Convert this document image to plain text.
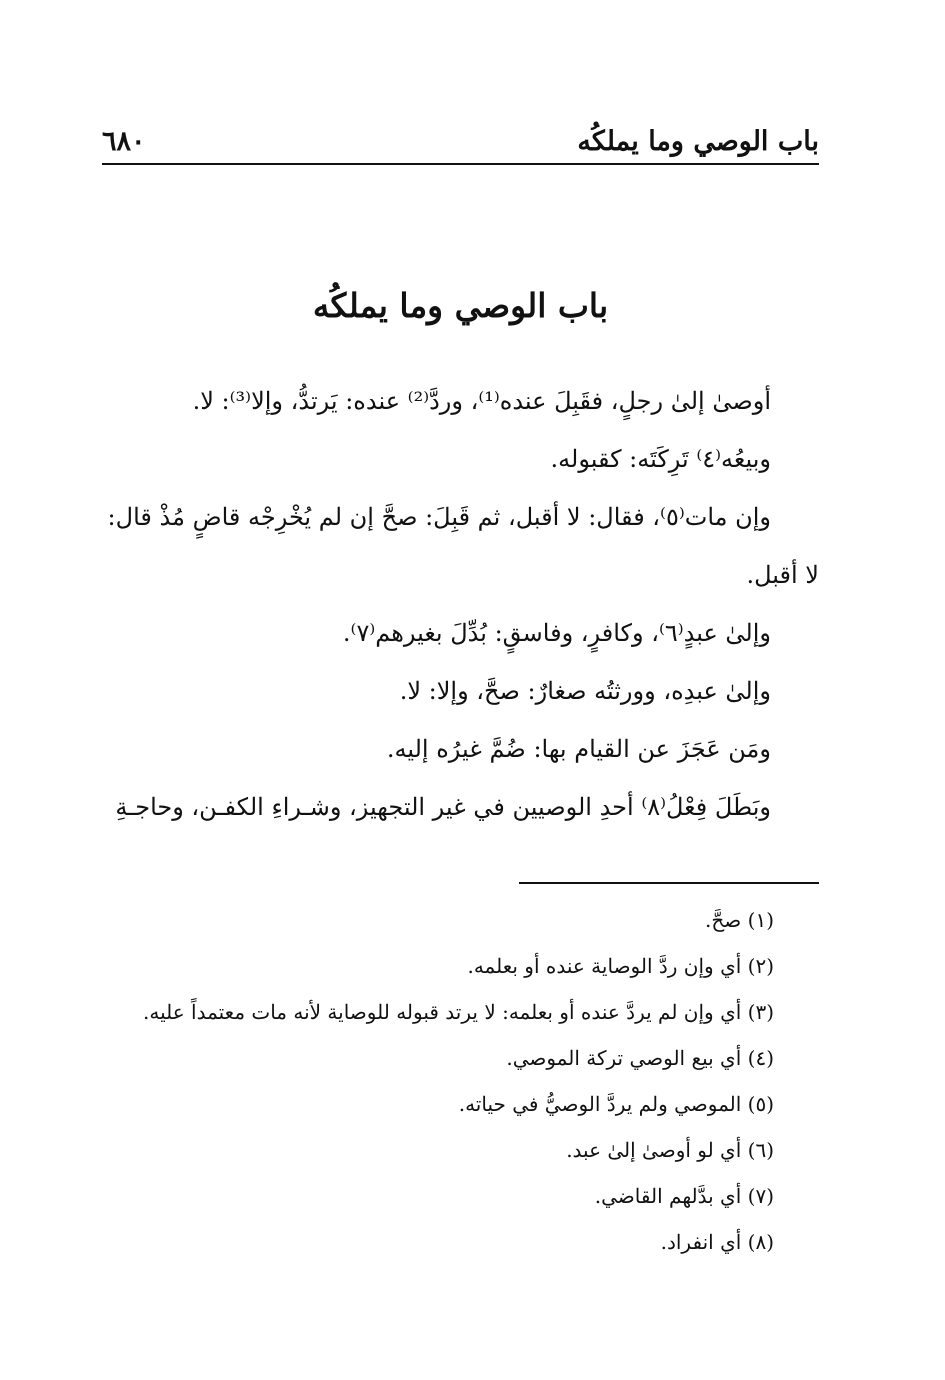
باب الوصي وما يملكُه
٦٨٠
باب الوصي وما يملكُه
أوصىٰ إلىٰ رجلٍ، فقَبِلَ عنده⁽¹⁾، وردَّ⁽²⁾ عنده: يَرتدُّ، وإلا⁽³⁾: لا.
وبيعُه⁽٤⁾ تَرِكَتَه: كقبوله.
وإن مات⁽٥⁾، فقال: لا أقبل، ثم قَبِلَ: صحَّ إن لم يُخْرِجْه قاضٍ مُذْ قال:
لا أقبل.
وإلىٰ عبدٍ⁽٦⁾، وكافرٍ، وفاسقٍ: بُدِّلَ بغيرهم⁽٧⁾.
وإلىٰ عبدِه، وورثتُه صغارٌ: صحَّ، وإلا: لا.
ومَن عَجَزَ عن القيام بها: ضُمَّ غيرُه إليه.
وبَطَلَ فِعْلُ⁽٨⁾ أحدِ الوصيين في غير التجهيز، وشـراءِ الكفـن، وحاجـةِ
(١) صحَّ.
(٢) أي وإن ردَّ الوصاية عنده أو بعلمه.
(٣) أي وإن لم يردَّ عنده أو بعلمه: لا يرتد قبوله للوصاية لأنه مات معتمداً عليه.
(٤) أي بيع الوصي تركة الموصي.
(٥) الموصي ولم يردَّ الوصيُّ في حياته.
(٦) أي لو أوصىٰ إلىٰ عبد.
(٧) أي بدَّلهم القاضي.
(٨) أي انفراد.
